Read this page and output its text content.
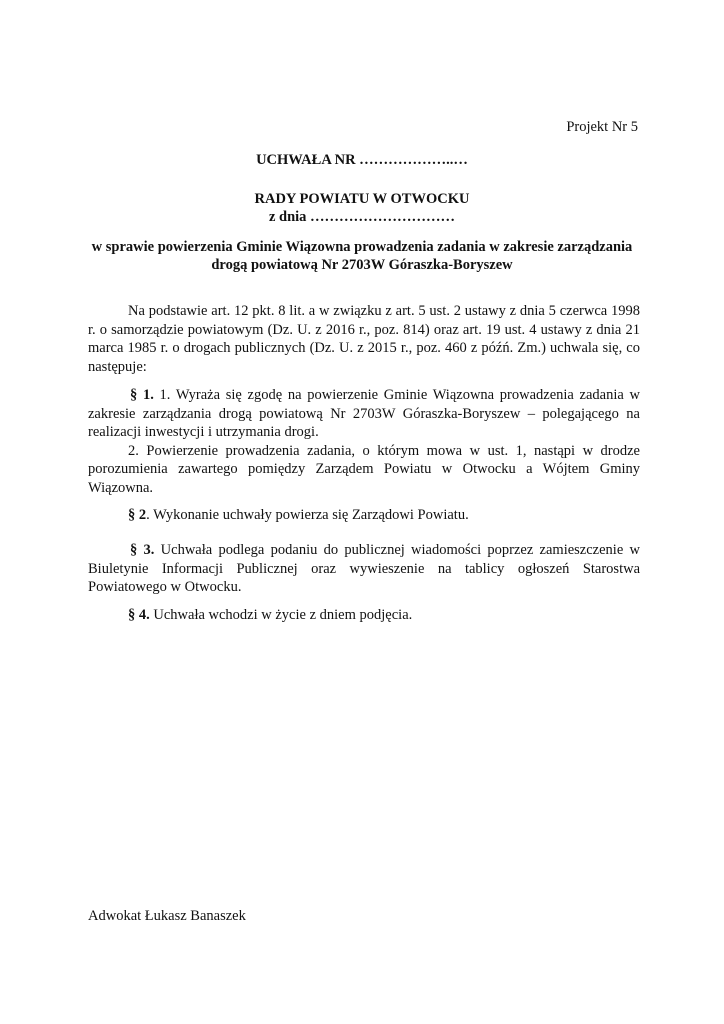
Projekt Nr 5
UCHWAŁA NR ………………..…
RADY POWIATU W OTWOCKU
z dnia …………………………
w sprawie powierzenia Gminie Wiązowna prowadzenia zadania w zakresie zarządzania drogą powiatową Nr 2703W Góraszka-Boryszew

Na podstawie art. 12 pkt. 8 lit. a w związku z art. 5 ust. 2 ustawy z dnia 5 czerwca 1998 r. o samorządzie powiatowym (Dz. U. z 2016 r., poz. 814) oraz art. 19 ust. 4 ustawy z dnia 21 marca 1985 r. o drogach publicznych (Dz. U. z 2015 r., poz. 460 z późń. Zm.) uchwala się, co następuje:

§ 1. 1. Wyraża się zgodę na powierzenie Gminie Wiązowna prowadzenia zadania w zakresie zarządzania drogą powiatową Nr 2703W Góraszka-Boryszew – polegającego na realizacji inwestycji i utrzymania drogi.

2. Powierzenie prowadzenia zadania, o którym mowa w ust. 1, nastąpi w drodze porozumienia zawartego pomiędzy Zarządem Powiatu w Otwocku a Wójtem Gminy Wiązowna.

§ 2. Wykonanie uchwały powierza się Zarządowi Powiatu.

§ 3. Uchwała podlega podaniu do publicznej wiadomości poprzez zamieszczenie w Biuletynie Informacji Publicznej oraz wywieszenie na tablicy ogłoszeń Starostwa Powiatowego w Otwocku.

§ 4. Uchwała wchodzi w życie z dniem podjęcia.

Adwokat Łukasz Banaszek
